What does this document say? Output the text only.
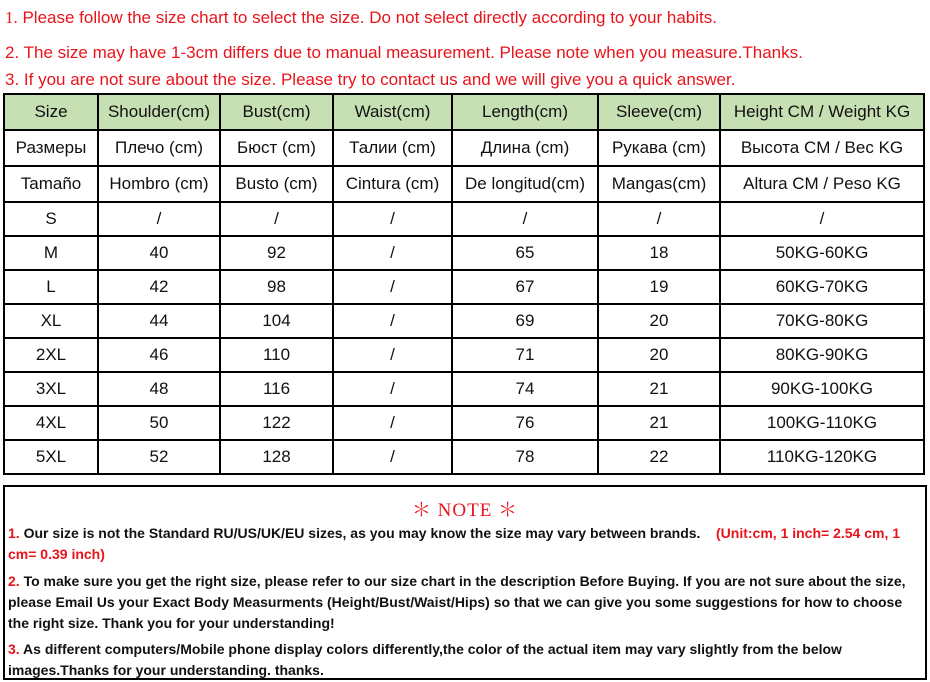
1. Please follow the size chart to select the size. Do not select directly according to your habits.
2. The size may have 1-3cm differs due to manual measurement. Please note when you measure.Thanks.
3. If you are not sure about the size. Please try to contact us and we will give you a quick answer.
Size	Shoulder(cm)	Bust(cm)	Waist(cm)	Length(cm)	Sleeve(cm)	Height CM / Weight KG
Размеры	Плечо (cm)	Бюст (cm)	Талии (cm)	Длина (cm)	Рукава (cm)	Высота CM / Вес KG
Tamaño	Hombro (cm)	Busto (cm)	Cintura (cm)	De longitud(cm)	Mangas(cm)	Altura CM / Peso KG
S	/	/	/	/	/	/
M	40	92	/	65	18	50KG-60KG
L	42	98	/	67	19	60KG-70KG
XL	44	104	/	69	20	70KG-80KG
2XL	46	110	/	71	20	80KG-90KG
3XL	48	116	/	74	21	90KG-100KG
4XL	50	122	/	76	21	100KG-110KG
5XL	52	128	/	78	22	110KG-120KG
＊ NOTE ＊
1. Our size is not the Standard RU/US/UK/EU sizes, as you may know the size may vary between brands. (Unit:cm, 1 inch= 2.54 cm, 1 cm= 0.39 inch)
2. To make sure you get the right size, please refer to our size chart in the description Before Buying. If you are not sure about the size, please Email Us your Exact Body Measurments (Height/Bust/Waist/Hips) so that we can give you some suggestions for how to choose the right size. Thank you for your understanding!
3. As different computers/Mobile phone display colors differently,the color of the actual item may vary slightly from the below images.Thanks for your understanding. thanks.
